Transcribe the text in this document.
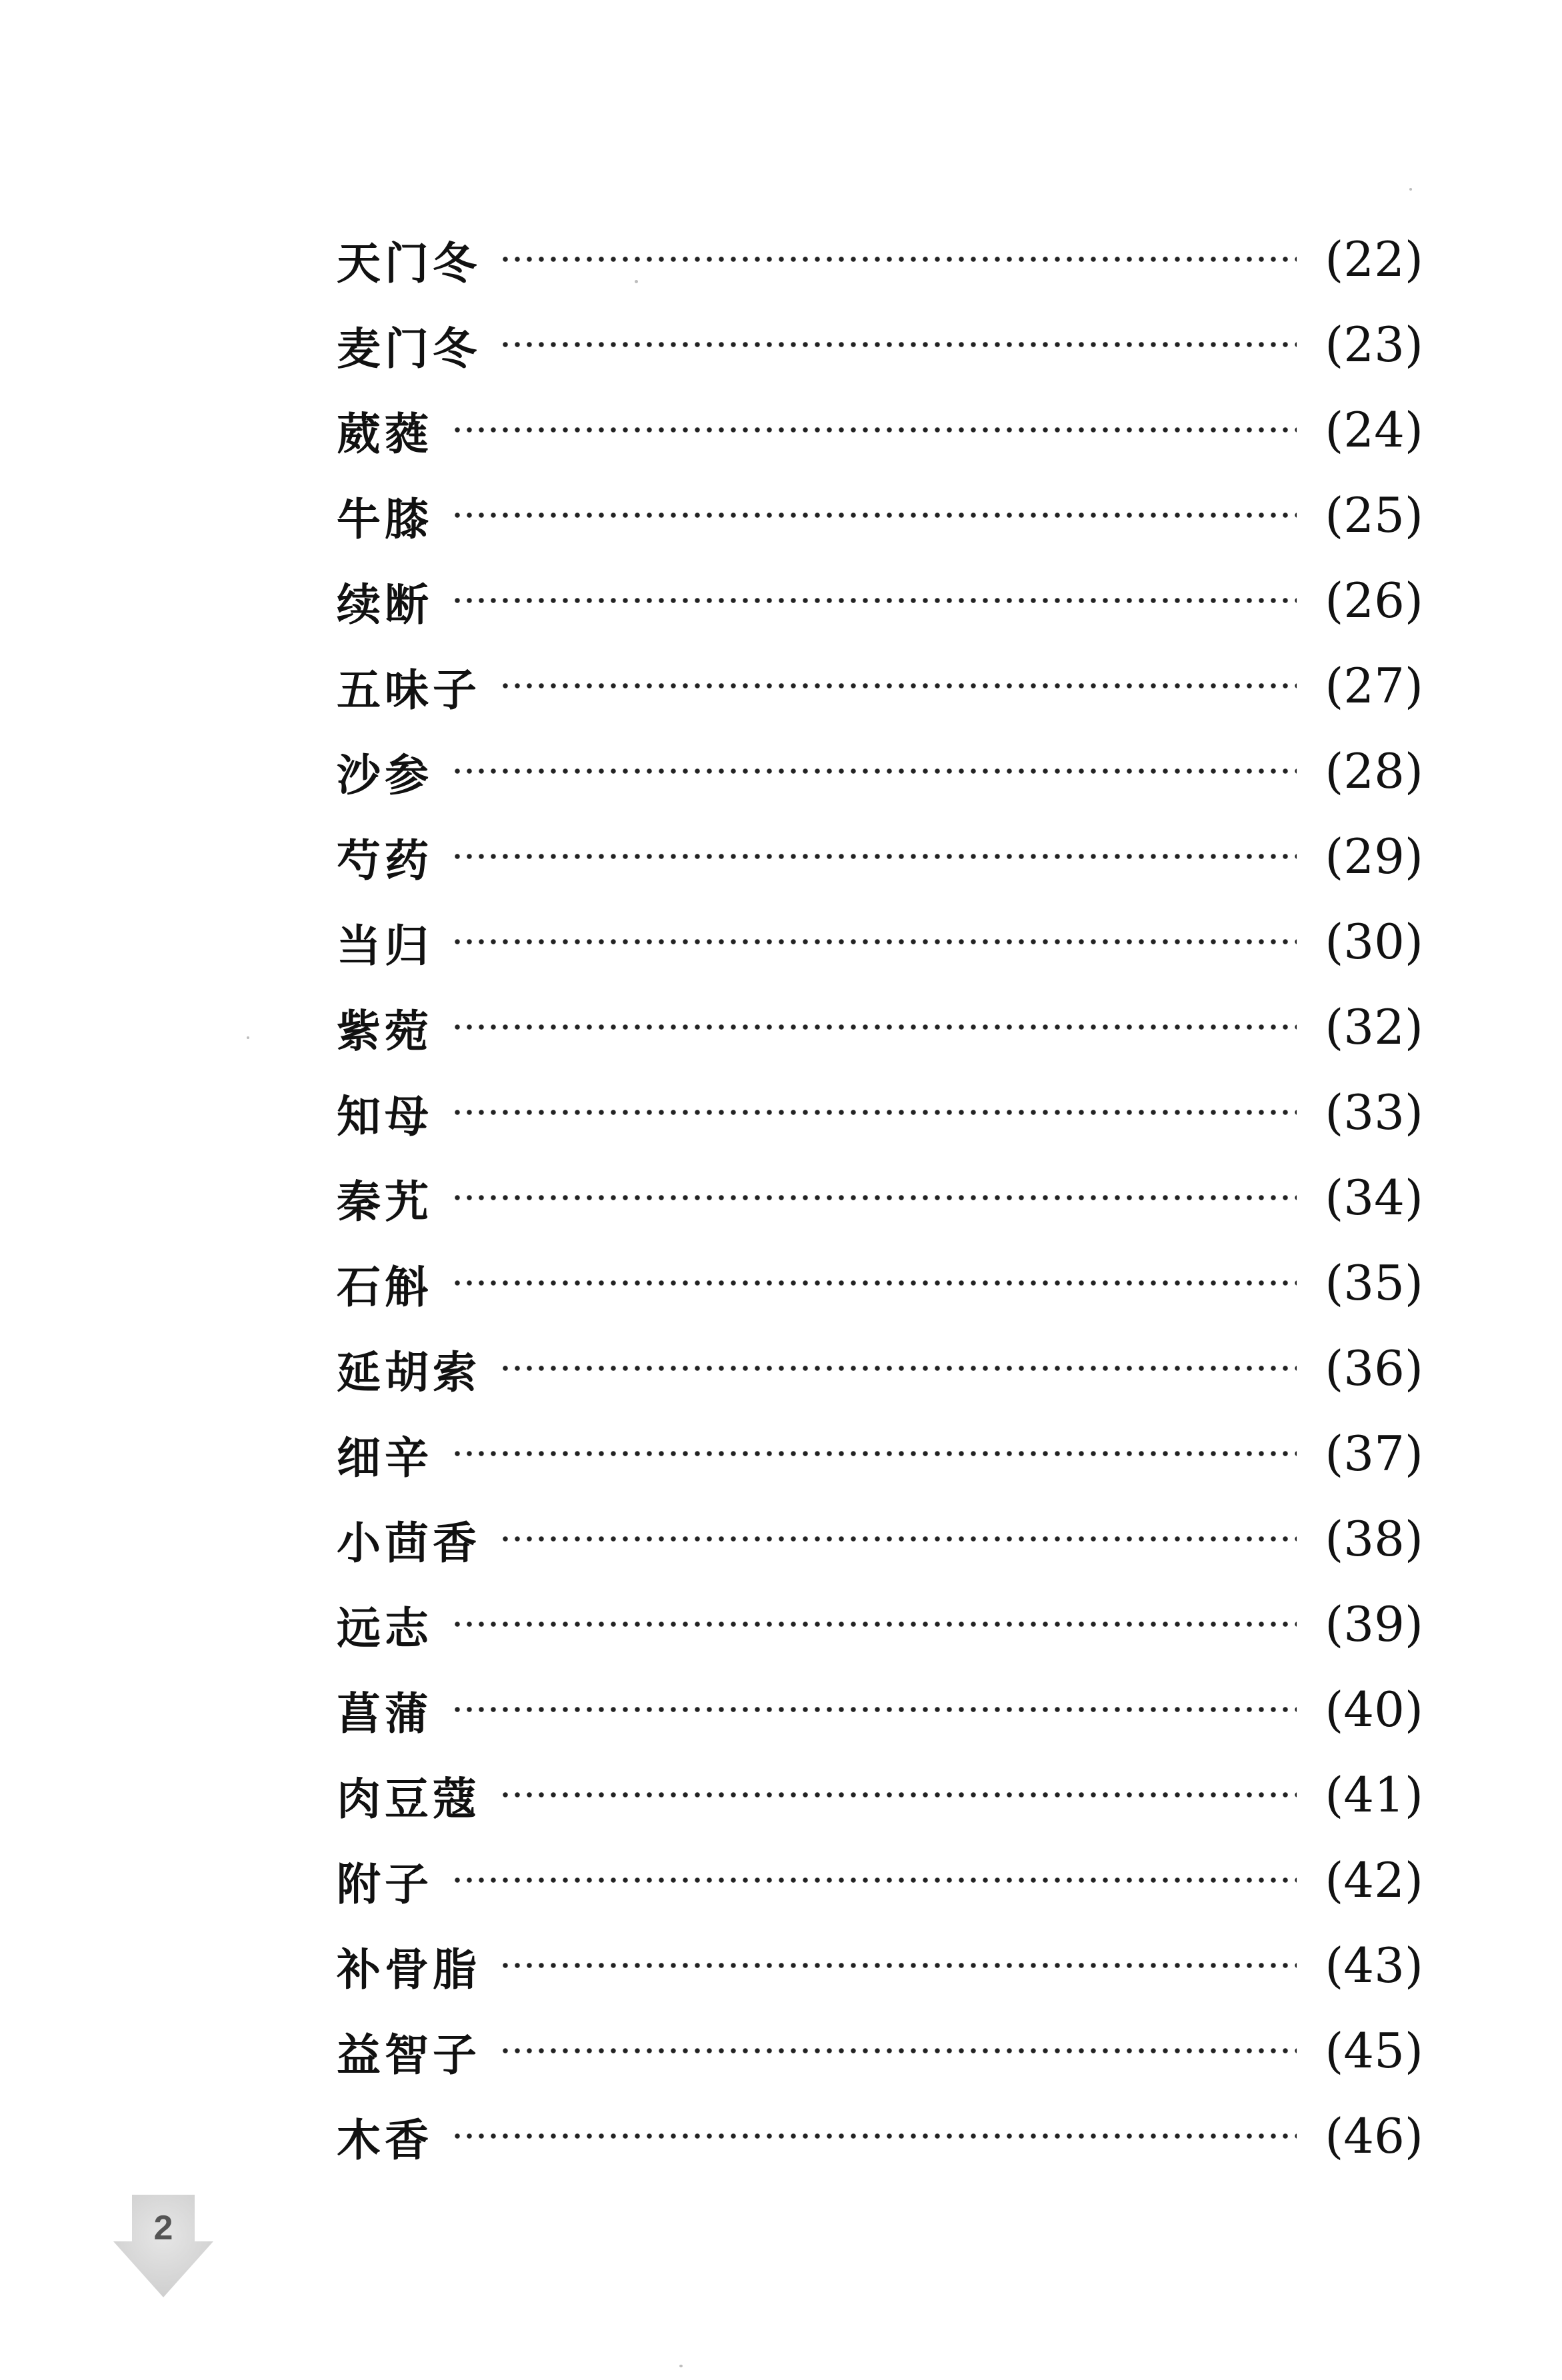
天门冬	(22)
麦门冬	(23)
葳蕤	(24)
牛膝	(25)
续断	(26)
五味子	(27)
沙参	(28)
芍药	(29)
当归	(30)
紫菀	(32)
知母	(33)
秦艽	(34)
石斛	(35)
延胡索	(36)
细辛	(37)
小茴香	(38)
远志	(39)
菖蒲	(40)
肉豆蔻	(41)
附子	(42)
补骨脂	(43)
益智子	(45)
木香	(46)
2
